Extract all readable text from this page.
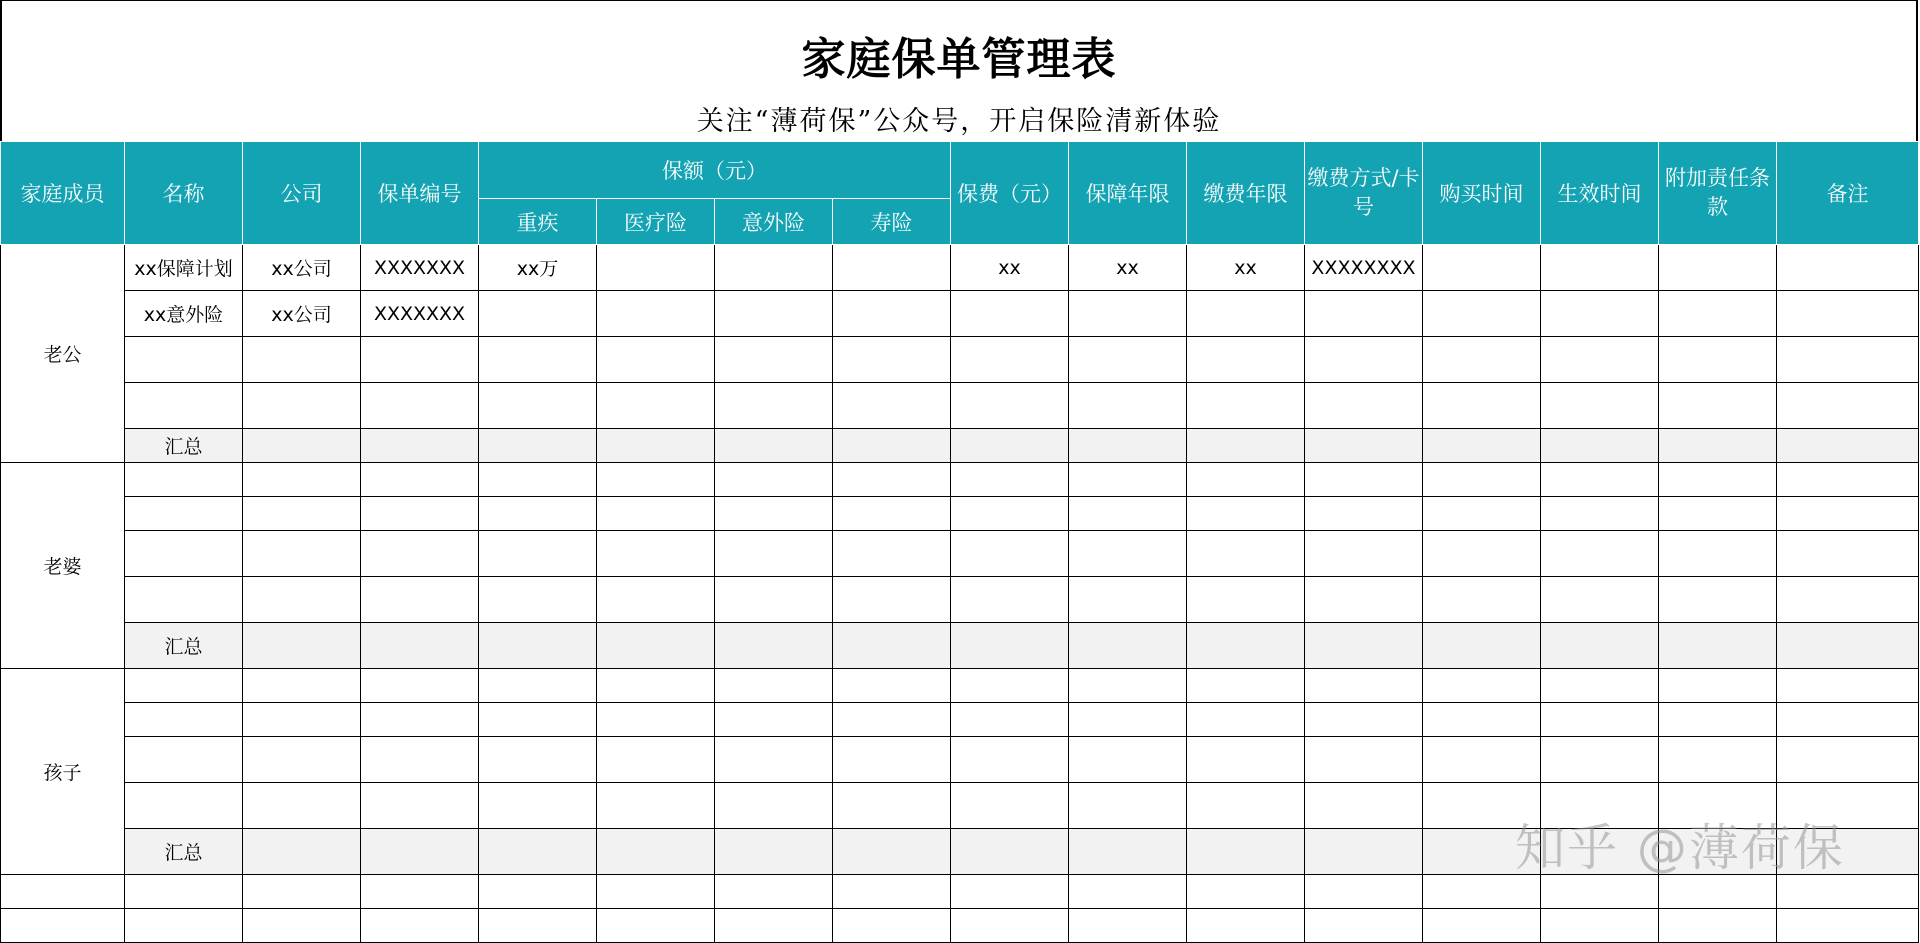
家庭保单管理表
关注“薄荷保”公众号，开启保险清新体验
家庭成员	名称	公司	保单编号	保额（元）				保费（元）	保障年限	缴费年限	缴费方式/卡号	购买时间	生效时间	附加责任条款	备注
				重疾	医疗险	意外险	寿险								
老公	xx保障计划	xx公司	XXXXXXX	xx万				xx	xx	xx	XXXXXXXX				
	xx意外险	xx公司	XXXXXXX												

	汇总														
老婆															

	汇总														
孩子															

	汇总														

																知乎 @薄荷保
